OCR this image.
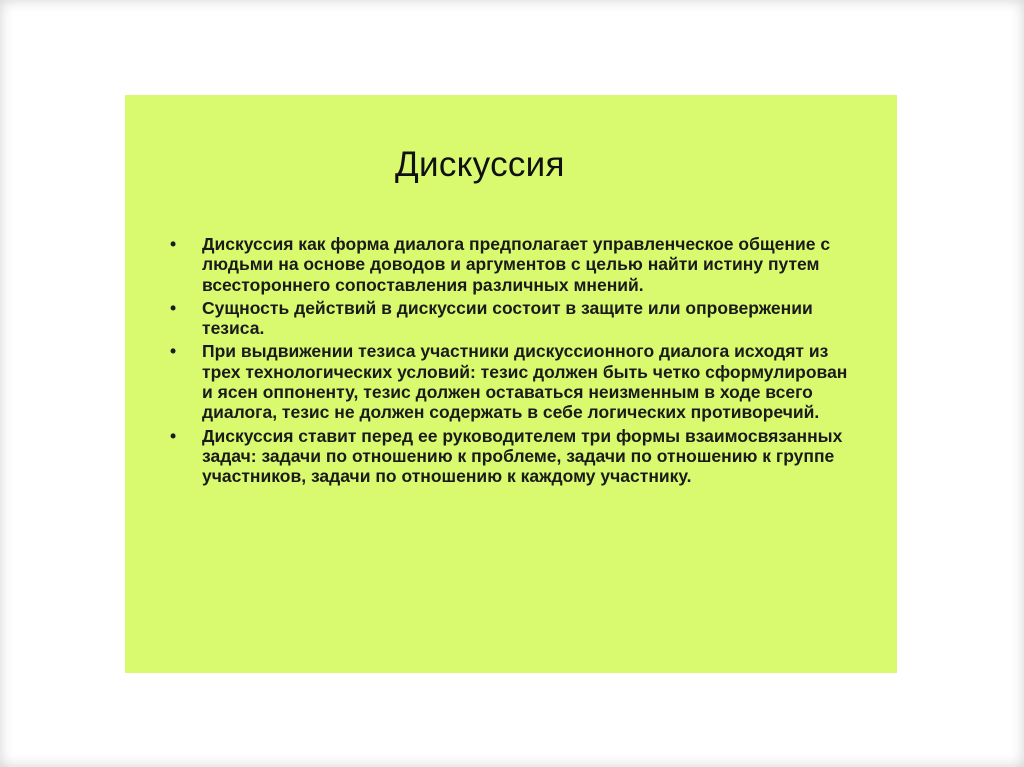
Дискуссия
•	Дискуссия как форма диалога предполагает управленческое общение с людьми на основе доводов и аргументов с целью найти истину путем всестороннего сопоставления различных мнений.
•	Сущность действий в дискуссии состоит в защите или опровержении тезиса.
•	При выдвижении тезиса участники дискуссионного диалога исходят из трех технологических условий: тезис должен быть четко сформулирован и ясен оппоненту, тезис должен оставаться неизменным в ходе всего диалога, тезис не должен содержать в себе логических противоречий.
•	Дискуссия ставит перед ее руководителем три формы взаимосвязанных задач: задачи по отношению к проблеме, задачи по отношению к группе участников, задачи по отношению к каждому участнику.
